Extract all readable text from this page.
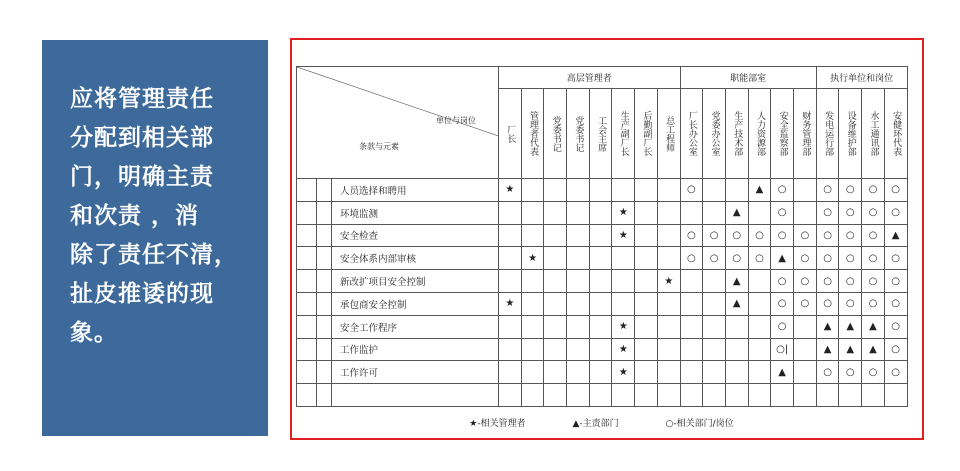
应将管理责任
分配到相关部
门，明确主责
和次责 ，消
除了责任不清，
扯皮推诿的现
象。
单位与岗位
条款与元素			高层管理者								职能部室						执行单位和岗位			

			厂长	管理者代表	党委书记	党委书记	工会主席	生产副厂长	后勤副厂长	总工程师	厂长办公室	党委办公室	生产技术部	人力资源部	安全监察部	财务管理部	发电运行部	设备维护部	水工通讯部	安健环代表

		人员选择和聘用	★								○			▲	○		○	○	○	○
		环境监测						★					▲		○		○	○	○	○
		安全检查						★			○	○	○	○	○	○	○	○	○	▲
		安全体系内部审核		★							○	○	○	○	▲	○	○	○	○	○
		新改扩项目安全控制								★			▲		○	○	○	○	○	○
		承包商安全控制	★										▲		○	○	○	○	○	○
		安全工作程序						★							○		▲	▲	▲	○
		工作监护						★							○|		▲	▲	▲	○
		工作许可						★							▲		○	○	○	○

★-相关管理者	▲-主责部门	○-相关部门/岗位
